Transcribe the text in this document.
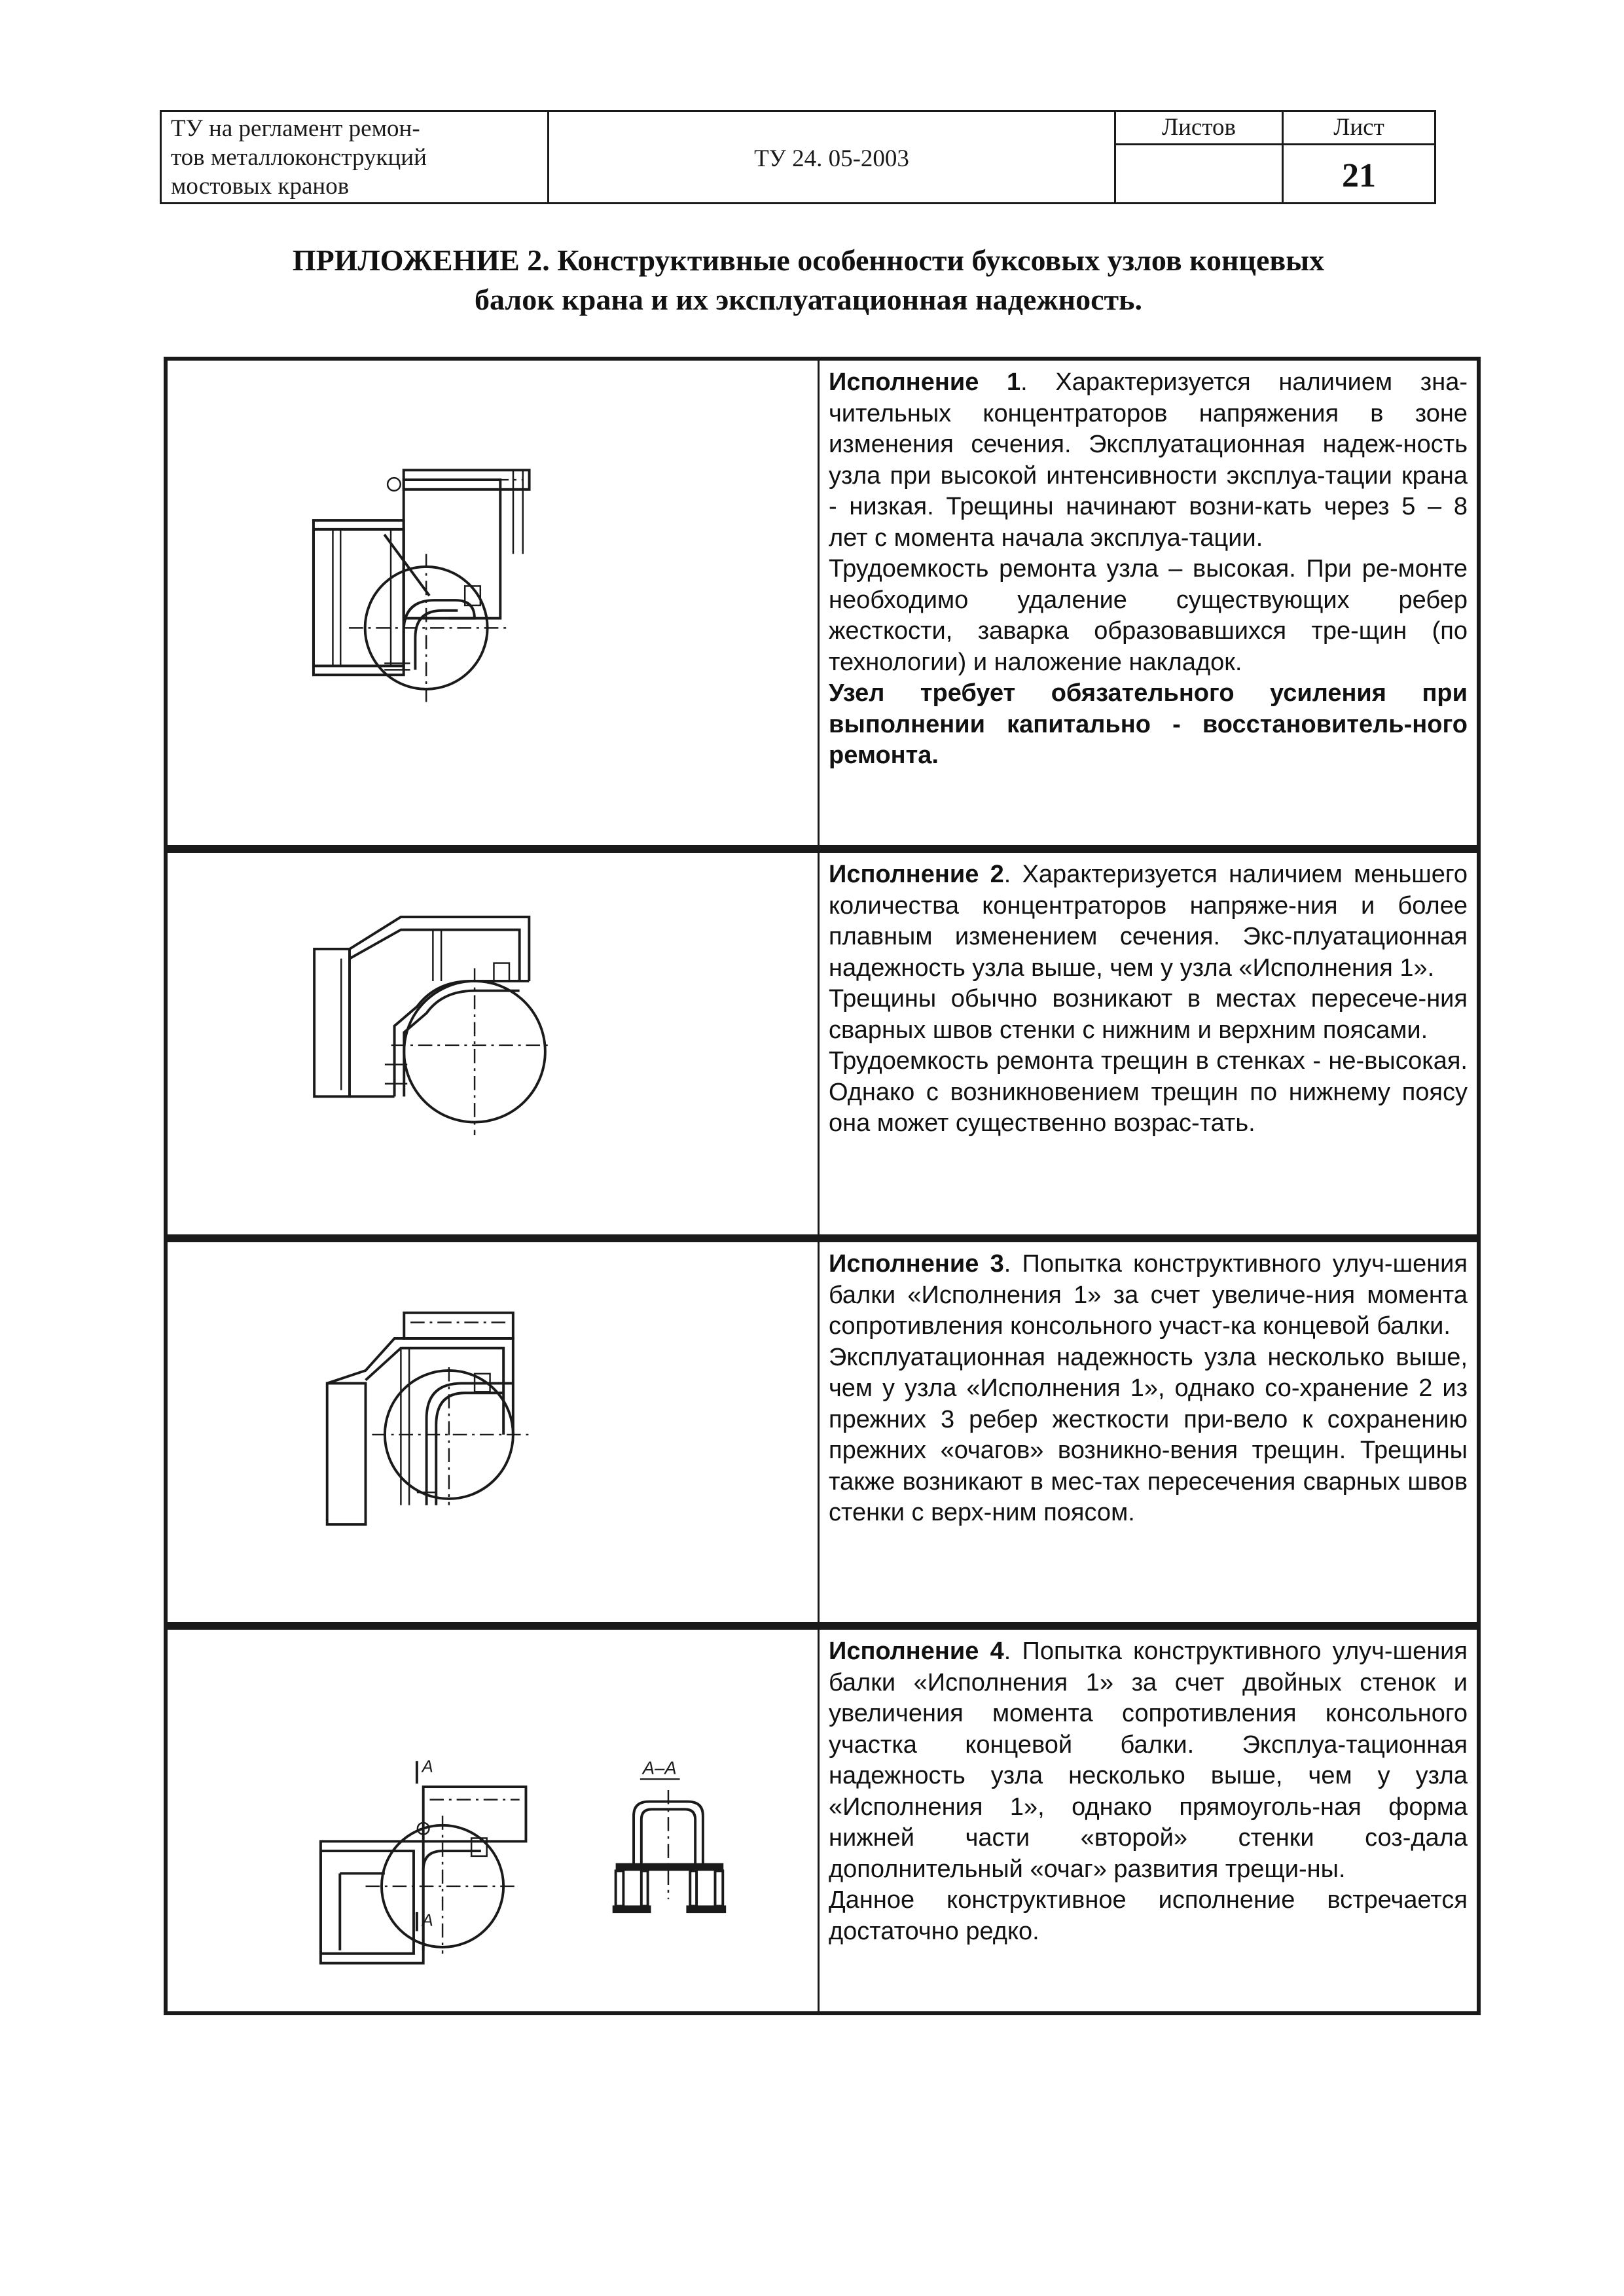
ТУ на регламент ремон-
тов металлоконструкций
мостовых кранов
ТУ 24. 05-2003
Листов	Лист
21
ПРИЛОЖЕНИЕ 2. Конструктивные особенности буксовых узлов концевых
балок крана и их эксплуатационная надежность.

Исполнение 1. Характеризуется наличием зна-чительных концентраторов напряжения в зоне изменения сечения. Эксплуатационная надеж-ность узла при высокой интенсивности эксплуа-тации крана - низкая. Трещины начинают возни-кать через 5 – 8 лет с момента начала эксплуа-тации.

Трудоемкость ремонта узла – высокая. При ре-монте необходимо удаление существующих ребер жесткости, заварка образовавшихся тре-щин (по технологии) и наложение накладок.

Узел требует обязательного усиления при выполнении капитально - восстановитель-ного ремонта.

Исполнение 2. Характеризуется наличием меньшего количества концентраторов напряже-ния и более плавным изменением сечения. Экс-плуатационная надежность узла выше, чем у узла «Исполнения 1».

Трещины обычно возникают в местах пересече-ния сварных швов стенки с нижним и верхним поясами.

Трудоемкость ремонта трещин в стенках - не-высокая. Однако с возникновением трещин по нижнему поясу она может существенно возрас-тать.

Исполнение 3. Попытка конструктивного улуч-шения балки «Исполнения 1» за счет увеличе-ния момента сопротивления консольного участ-ка концевой балки.

Эксплуатационная надежность узла несколько выше, чем у узла «Исполнения 1», однако со-хранение 2 из прежних 3 ребер жесткости при-вело к сохранению прежних «очагов» возникно-вения трещин. Трещины также возникают в мес-тах пересечения сварных швов стенки с верх-ним поясом.

A
A
A–A

Исполнение 4. Попытка конструктивного улуч-шения балки «Исполнения 1» за счет двойных стенок и увеличения момента сопротивления консольного участка концевой балки. Эксплуа-тационная надежность узла несколько выше, чем у узла «Исполнения 1», однако прямоуголь-ная форма нижней части «второй» стенки соз-дала дополнительный «очаг» развития трещи-ны.

Данное конструктивное исполнение встречается достаточно редко.
